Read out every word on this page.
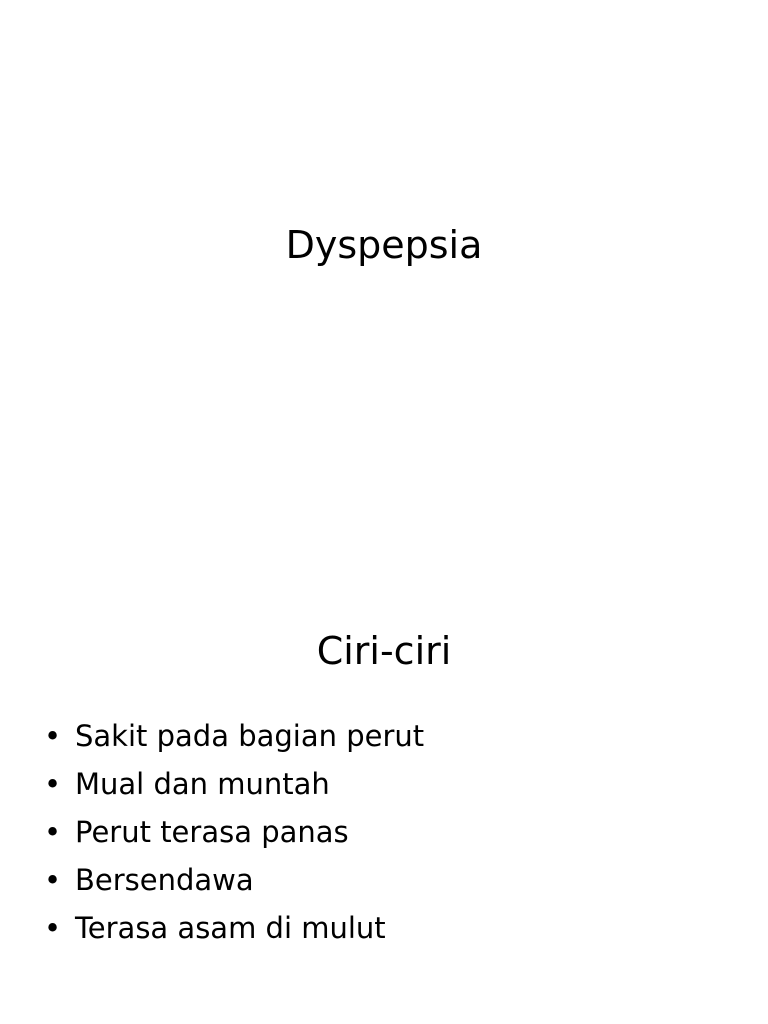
Dyspepsia
Ciri-ciri
• Sakit pada bagian perut
• Mual dan muntah
• Perut terasa panas
• Bersendawa
• Terasa asam di mulut
